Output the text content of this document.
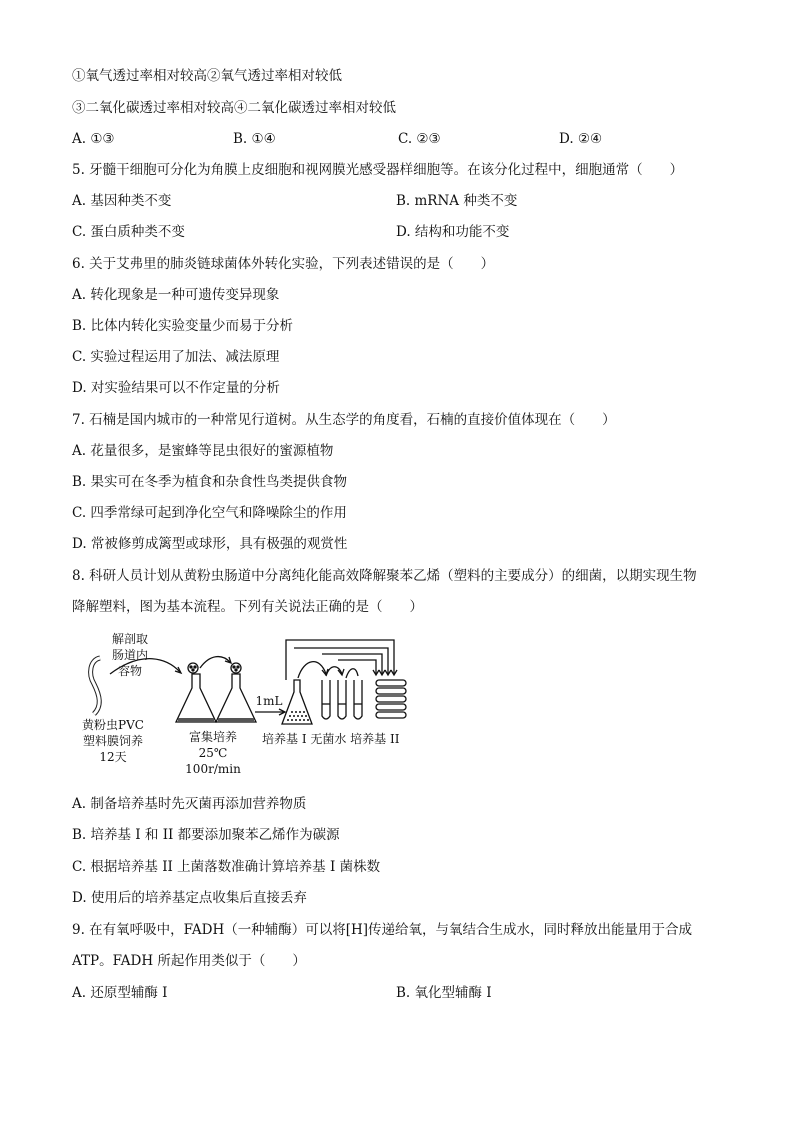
①氧气透过率相对较高②氧气透过率相对较低
③二氧化碳透过率相对较高④二氧化碳透过率相对较低
A. ①③	B. ①④	C. ②③	D. ②④
5. 牙髓干细胞可分化为角膜上皮细胞和视网膜光感受器样细胞等。在该分化过程中，细胞通常（　　）
A. 基因种类不变	B. mRNA 种类不变
C. 蛋白质种类不变	D. 结构和功能不变
6. 关于艾弗里的肺炎链球菌体外转化实验，下列表述错误的是（　　）
A. 转化现象是一种可遗传变异现象
B. 比体内转化实验变量少而易于分析
C. 实验过程运用了加法、减法原理
D. 对实验结果可以不作定量的分析
7. 石楠是国内城市的一种常见行道树。从生态学的角度看，石楠的直接价值体现在（　　）
A. 花量很多，是蜜蜂等昆虫很好的蜜源植物
B. 果实可在冬季为植食和杂食性鸟类提供食物
C. 四季常绿可起到净化空气和降噪除尘的作用
D. 常被修剪成篱型或球形，具有极强的观赏性
8. 科研人员计划从黄粉虫肠道中分离纯化能高效降解聚苯乙烯（塑料的主要成分）的细菌，以期实现生物
降解塑料，图为基本流程。下列有关说法正确的是（　　）
解剖取
肠道内
容物
黄粉虫PVC
塑料膜饲养
12天
富集培养
25℃
100r/min
1mL
培养基 I 无菌水 培养基 II
A. 制备培养基时先灭菌再添加营养物质
B. 培养基 I 和 II 都要添加聚苯乙烯作为碳源
C. 根据培养基 II 上菌落数准确计算培养基 I 菌株数
D. 使用后的培养基定点收集后直接丢弃
9. 在有氧呼吸中，FADH（一种辅酶）可以将[H]传递给氧，与氧结合生成水，同时释放出能量用于合成
ATP。FADH 所起作用类似于（　　）
A. 还原型辅酶 I	B. 氧化型辅酶 I
